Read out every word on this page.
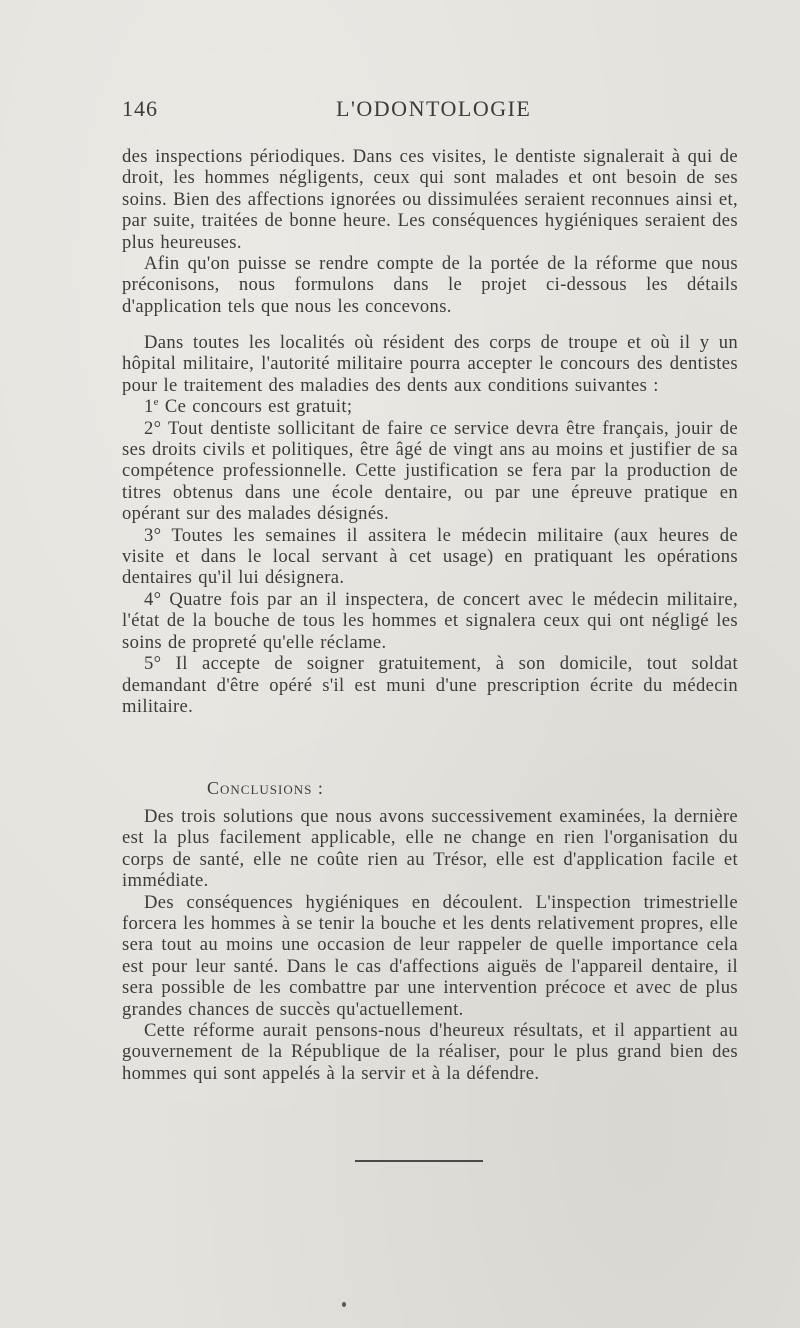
146	L'ODONTOLOGIE

des inspections périodiques. Dans ces visites, le dentiste signalerait à qui de droit, les hommes négligents, ceux qui sont malades et ont besoin de ses soins. Bien des affections ignorées ou dissimulées seraient reconnues ainsi et, par suite, traitées de bonne heure. Les conséquences hygiéniques seraient des plus heureuses.

Afin qu'on puisse se rendre compte de la portée de la réforme que nous préconisons, nous formulons dans le projet ci-dessous les détails d'application tels que nous les concevons.

Dans toutes les localités où résident des corps de troupe et où il y un hôpital militaire, l'autorité militaire pourra accepter le concours des dentistes pour le traitement des maladies des dents aux conditions suivantes :

1e Ce concours est gratuit;

2° Tout dentiste sollicitant de faire ce service devra être français, jouir de ses droits civils et politiques, être âgé de vingt ans au moins et justifier de sa compétence professionnelle. Cette justification se fera par la production de titres obtenus dans une école dentaire, ou par une épreuve pratique en opérant sur des malades désignés.

3° Toutes les semaines il assitera le médecin militaire (aux heures de visite et dans le local servant à cet usage) en pratiquant les opérations dentaires qu'il lui désignera.

4° Quatre fois par an il inspectera, de concert avec le médecin militaire, l'état de la bouche de tous les hommes et signalera ceux qui ont négligé les soins de propreté qu'elle réclame.

5° Il accepte de soigner gratuitement, à son domicile, tout soldat demandant d'être opéré s'il est muni d'une prescription écrite du médecin militaire.

Conclusions :

Des trois solutions que nous avons successivement examinées, la dernière est la plus facilement applicable, elle ne change en rien l'organisation du corps de santé, elle ne coûte rien au Trésor, elle est d'application facile et immédiate.

Des conséquences hygiéniques en découlent. L'inspection trimestrielle forcera les hommes à se tenir la bouche et les dents relativement propres, elle sera tout au moins une occasion de leur rappeler de quelle importance cela est pour leur santé. Dans le cas d'affections aiguës de l'appareil dentaire, il sera possible de les combattre par une intervention précoce et avec de plus grandes chances de succès qu'actuellement.

Cette réforme aurait pensons-nous d'heureux résultats, et il appartient au gouvernement de la République de la réaliser, pour le plus grand bien des hommes qui sont appelés à la servir et à la défendre.
